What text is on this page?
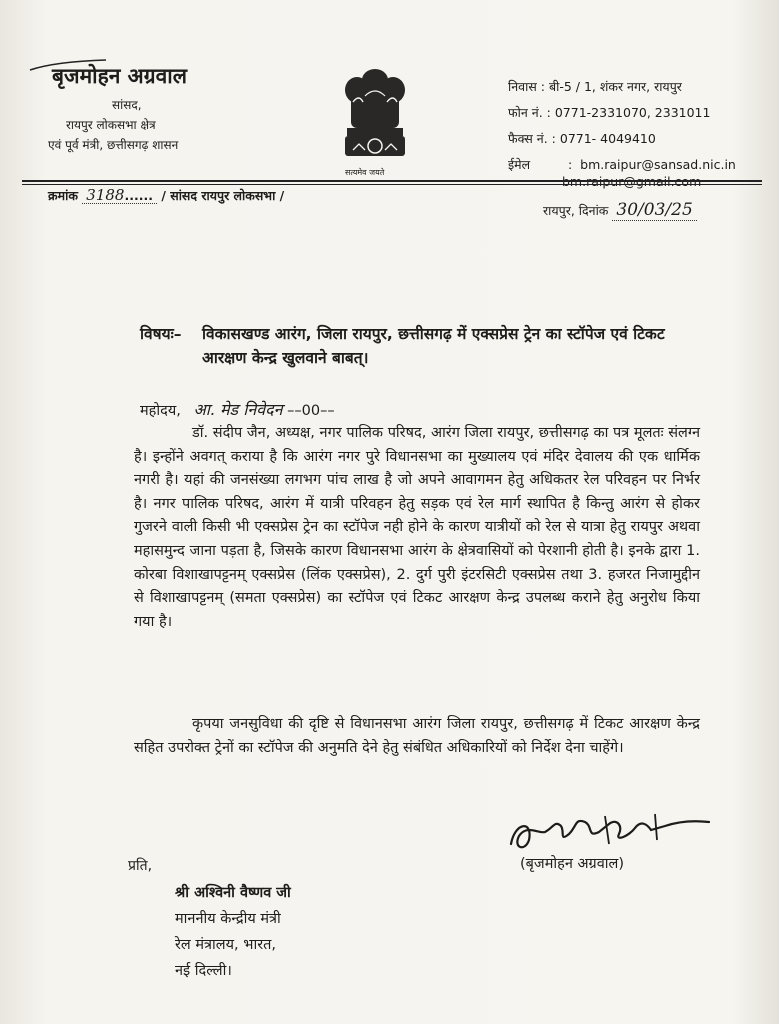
बृजमोहन अग्रवाल
सांसद,
रायपुर लोकसभा क्षेत्र
एवं पूर्व मंत्री, छत्तीसगढ़ शासन
सत्यमेव जयते
निवास : बी-5 / 1, शंकर नगर, रायपुर
फोन नं. : 0771-2331070, 2331011
फैक्स नं. : 0771- 4049410
ईमेल	: bm.raipur@sansad.nic.in
क्रमांक 3188...... / सांसद रायपुर लोकसभा /
रायपुर, दिनांक 30/03/25
विषयः– विकासखण्ड आरंग, जिला रायपुर, छत्तीसगढ़ में एक्सप्रेस ट्रेन का स्टॉपेज एवं टिकट आरक्षण केन्द्र खुलवाने बाबत्।
महोदय, आ. मेड निवेदन ––00––
डॉ. संदीप जैन, अध्यक्ष, नगर पालिक परिषद, आरंग जिला रायपुर, छत्तीसगढ़ का पत्र मूलतः संलग्न है। इन्होंने अवगत् कराया है कि आरंग नगर पुरे विधानसभा का मुख्यालय एवं मंदिर देवालय की एक धार्मिक नगरी है। यहां की जनसंख्या लगभग पांच लाख है जो अपने आवागमन हेतु अधिकतर रेल परिवहन पर निर्भर है। नगर पालिक परिषद, आरंग में यात्री परिवहन हेतु सड़क एवं रेल मार्ग स्थापित है किन्तु आरंग से होकर गुजरने वाली किसी भी एक्सप्रेस ट्रेन का स्टॉपेज नही होने के कारण यात्रीयों को रेल से यात्रा हेतु रायपुर अथवा महासमुन्द जाना पड़ता है, जिसके कारण विधानसभा आरंग के क्षेत्रवासियों को पेरशानी होती है। इनके द्वारा 1. कोरबा विशाखापट्टनम् एक्सप्रेस (लिंक एक्सप्रेस), 2. दुर्ग पुरी इंटरसिटी एक्सप्रेस तथा 3. हजरत निजामुद्दीन से विशाखापट्टनम् (समता एक्सप्रेस) का स्टॉपेज एवं टिकट आरक्षण केन्द्र उपलब्ध कराने हेतु अनुरोध किया गया है।
कृपया जनसुविधा की दृष्टि से विधानसभा आरंग जिला रायपुर, छत्तीसगढ़ में टिकट आरक्षण केन्द्र सहित उपरोक्त ट्रेनों का स्टॉपेज की अनुमति देने हेतु संबंधित अधिकारियों को निर्देश देना चाहेंगे।
(बृजमोहन अग्रवाल)
प्रति,
श्री अश्विनी वैष्णव जी
माननीय केन्द्रीय मंत्री
रेल मंत्रालय, भारत,
नई दिल्ली।
